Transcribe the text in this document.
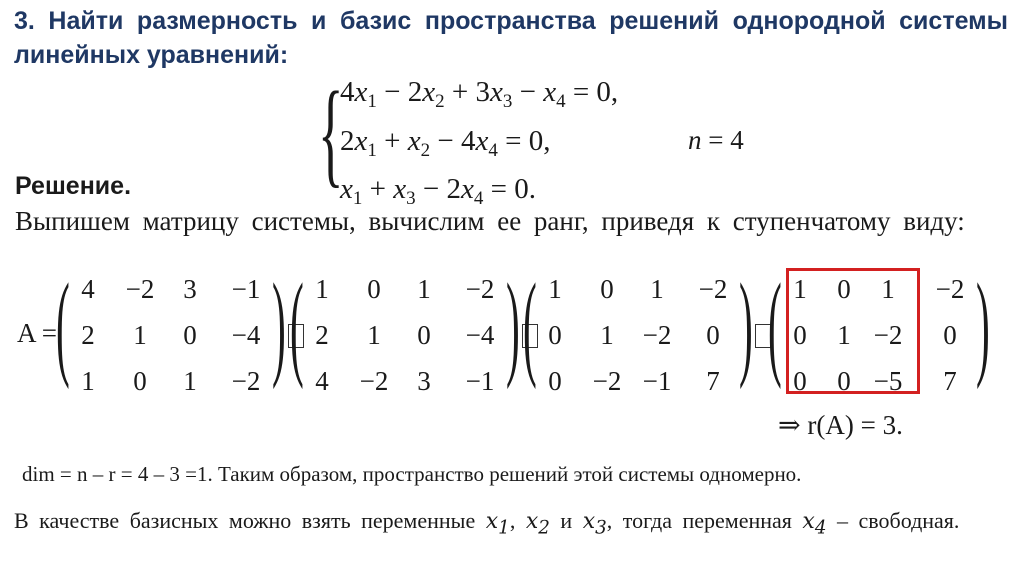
3. Найти размерность и базис пространства решений однородной системы линейных уравнений:
{
$4x_1 - 2x_2 + 3x_3 - x_4 = 0$,
$2x_1 + x_2 - 4x_4 = 0$,
$x_1 + x_3 - 2x_4 = 0$.
n = 4
Решение.
Выпишем матрицу системы, вычислим ее ранг, приведя к ступенчатому виду:
A = ( 4	−2	3	−1
2	1	0	−4
1	0	1	−2 ) ( 1	0	1	−2
2	1	0	−4
4	−2	3	−1 ) ( 1	0	1	−2
0	1	−2	0
0	−2 −1	7 ) ( 1	0	1	−2
0	1 −2	0
0	0 −5	7 )
⇒ r(A) = 3.
dim = n – r = 4 – 3 =1. Таким образом, пространство решений этой системы одномерно.
В качестве базисных можно взять переменные $x_1$, $x_2$ и $x_3$, тогда переменная $x_4$ – свободная.
